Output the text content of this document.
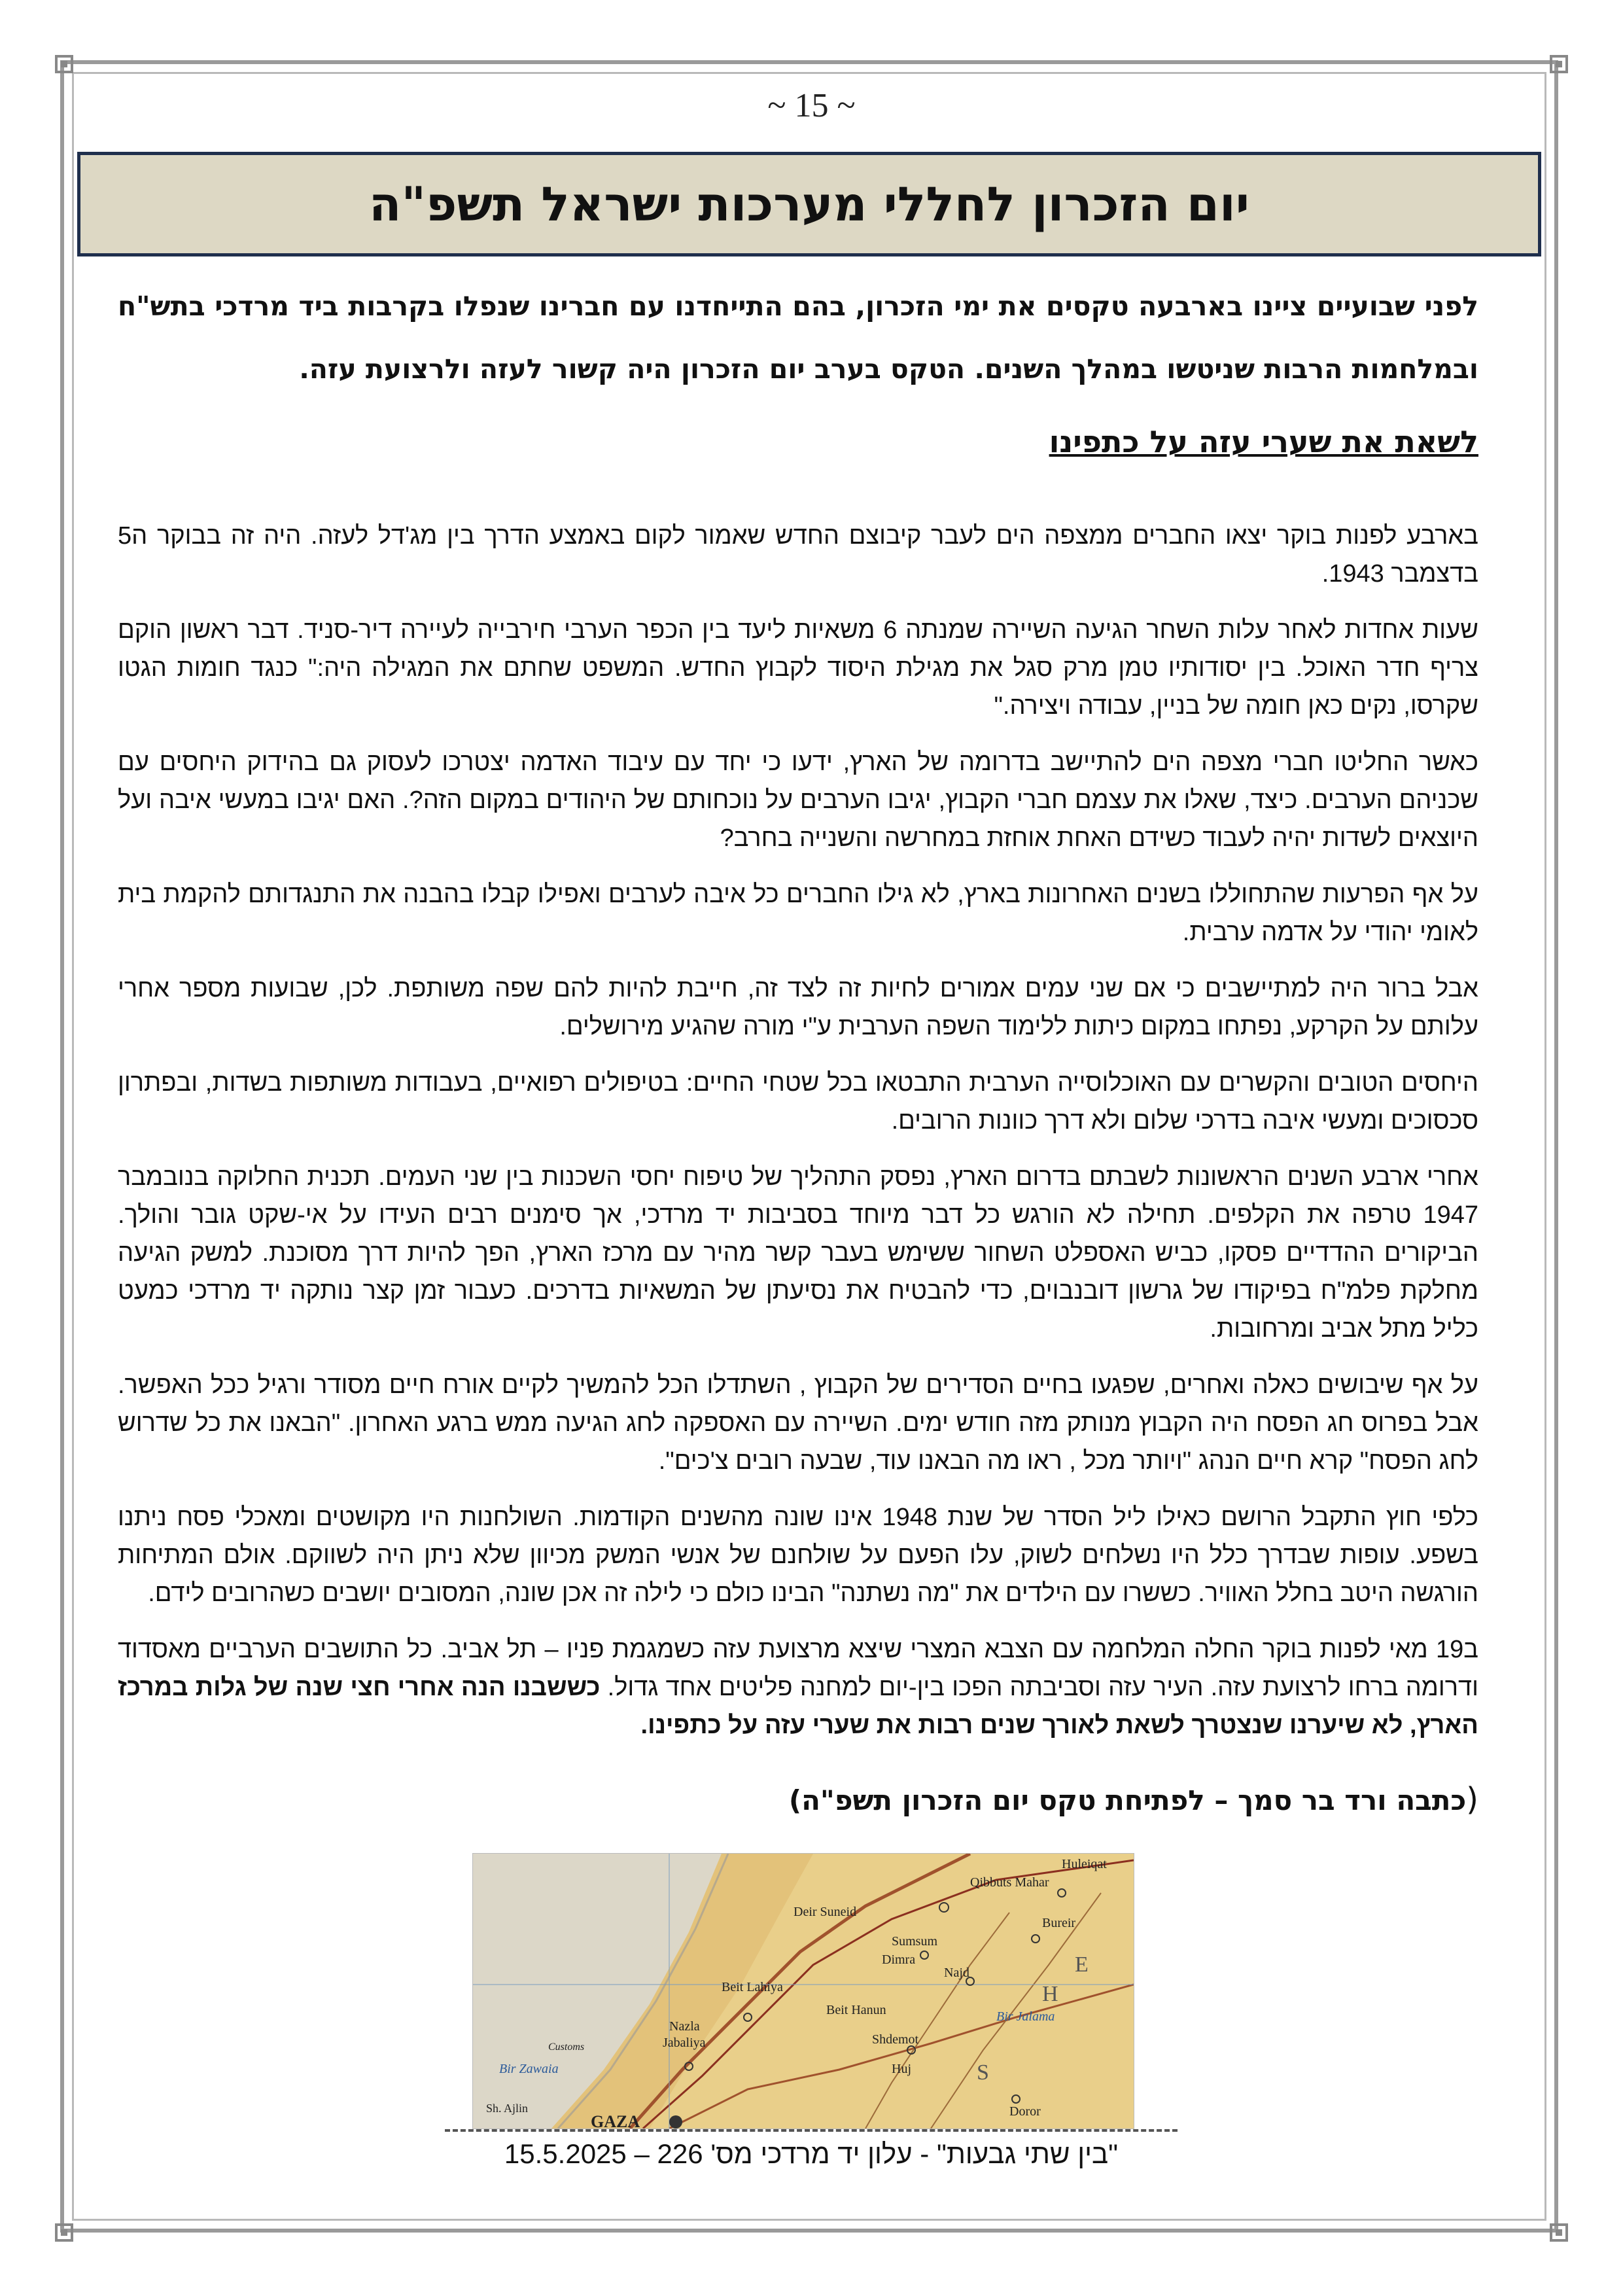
~ 15 ~
יום הזכרון לחללי מערכות ישראל תשפ"ה
לפני שבועיים ציינו בארבעה טקסים את ימי הזכרון, בהם התייחדנו עם חברינו שנפלו בקרבות ביד מרדכי בתש"ח ובמלחמות הרבות שניטשו במהלך השנים. הטקס בערב יום הזכרון היה קשור לעזה ולרצועת עזה.
לשאת את שערי עזה על כתפינו

בארבע לפנות בוקר יצאו החברים ממצפה הים לעבר קיבוצם החדש שאמור לקום באמצע הדרך בין מג'דל לעזה. היה זה בבוקר ה5 בדצמבר 1943.

שעות אחדות לאחר עלות השחר הגיעה השיירה שמנתה 6 משאיות ליעד בין הכפר הערבי חירבייה לעיירה דיר-סניד. דבר ראשון הוקם צריף חדר האוכל. בין יסודותיו טמן מרק סגל את מגילת היסוד לקבוץ החדש. המשפט שחתם את המגילה היה:" כנגד חומות הגטו שקרסו, נקים כאן חומה של בניין, עבודה ויצירה."

כאשר החליטו חברי מצפה הים להתיישב בדרומה של הארץ, ידעו כי יחד עם עיבוד האדמה יצטרכו לעסוק גם בהידוק היחסים עם שכניהם הערבים. כיצד, שאלו את עצמם חברי הקבוץ, יגיבו הערבים על נוכחותם של היהודים במקום הזה?. האם יגיבו במעשי איבה ועל היוצאים לשדות יהיה לעבוד כשידם האחת אוחזת במחרשה והשנייה בחרב?

על אף הפרעות שהתחוללו בשנים האחרונות בארץ, לא גילו החברים כל איבה לערבים ואפילו קבלו בהבנה את התנגדותם להקמת בית לאומי יהודי על אדמה ערבית.

אבל ברור היה למתיישבים כי אם שני עמים אמורים לחיות זה לצד זה, חייבת להיות להם שפה משותפת. לכן, שבועות מספר אחרי עלותם על הקרקע, נפתחו במקום כיתות ללימוד השפה הערבית ע"י מורה שהגיע מירושלים.

היחסים הטובים והקשרים עם האוכלוסייה הערבית התבטאו בכל שטחי החיים: בטיפולים רפואיים, בעבודות משותפות בשדות, ובפתרון סכסוכים ומעשי איבה בדרכי שלום ולא דרך כוונות הרובים.

אחרי ארבע השנים הראשונות לשבתם בדרום הארץ, נפסק התהליך של טיפוח יחסי השכנות בין שני העמים. תכנית החלוקה בנובמבר 1947 טרפה את הקלפים. תחילה לא הורגש כל דבר מיוחד בסביבות יד מרדכי, אך סימנים רבים העידו על אי-שקט גובר והולך. הביקורים ההדדיים פסקו, כביש האספלט השחור ששימש בעבר קשר מהיר עם מרכז הארץ, הפך להיות דרך מסוכנת. למשק הגיעה מחלקת פלמ"ח בפיקודו של גרשון דובנבוים, כדי להבטיח את נסיעתן של המשאיות בדרכים. כעבור זמן קצר נותקה יד מרדכי כמעט כליל מתל אביב ומרחובות.

על אף שיבושים כאלה ואחרים, שפגעו בחיים הסדירים של הקבוץ , השתדלו הכל להמשיך לקיים אורח חיים מסודר ורגיל ככל האפשר. אבל בפרוס חג הפסח היה הקבוץ מנותק מזה חודש ימים. השיירה עם האספקה לחג הגיעה ממש ברגע האחרון. "הבאנו את כל שדרוש לחג הפסח" קרא חיים הנהג "ויותר מכל , ראו מה הבאנו עוד, שבעה רובים צ'כים".

כלפי חוץ התקבל הרושם כאילו ליל הסדר של שנת 1948 אינו שונה מהשנים הקודמות. השולחנות היו מקושטים ומאכלי פסח ניתנו בשפע. עופות שבדרך כלל היו נשלחים לשוק, עלו הפעם על שולחנם של אנשי המשק מכיוון שלא ניתן היה לשווקם. אולם המתיחות הורגשה היטב בחלל האוויר. כששרו עם הילדים את "מה נשתנה" הבינו כולם כי לילה זה אכן שונה, המסובים יושבים כשהרובים לידם.

ב19 מאי לפנות בוקר החלה המלחמה עם הצבא המצרי שיצא מרצועת עזה כשמגמת פניו – תל אביב. כל התושבים הערביים מאסדוד ודרומה ברחו לרצועת עזה. העיר עזה וסביבתה הפכו בין-יום למחנה פליטים אחד גדול. כששבנו הנה אחרי חצי שנה של גלות במרכז הארץ, לא שיערנו שנצטרך לשאת לאורך שנים רבות את שערי עזה על כתפינו.

(כתבה ורד בר סמך – לפתיחת טקס יום הזכרון תשפ"ה)
Huleiqat
Qibbuts Mahar
Deir Suneid
Bureir
Sumsum
Dimra
Najd
Beit Lahiya
Beit Hanun	Bir Jalama
Nazla
Jabaliya	Shdemot
Customs
Bir Zawaia
Sh. Ajlin
Huj
Doror
GAZA
H
E
S
"בין שתי גבעות" - עלון יד מרדכי מס' 226 – 15.5.2025
